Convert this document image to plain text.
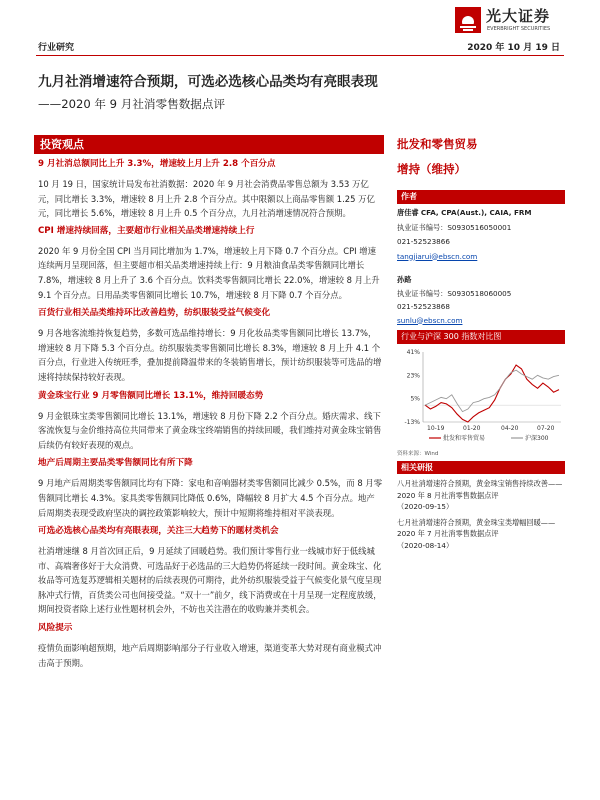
光大证券
EVERBRIGHT SECURITIES
行业研究	2020 年 10 月 19 日
九月社消增速符合预期，可选必选核心品类均有亮眼表现
——2020 年 9 月社消零售数据点评
投资观点

9 月社消总额同比上升 3.3%，增速较上月上升 2.8 个百分点

10 月 19 日，国家统计局发布社消数据：2020 年 9 月社会消费品零售总额为 3.53 万亿元，同比增长 3.3%，增速较 8 月上升 2.8 个百分点。其中限额以上商品零售额 1.25 万亿元，同比增长 5.6%，增速较 8 月上升 0.5 个百分点，九月社消增速情况符合预期。

CPI 增速持续回落，主要超市行业相关品类增速持续上行

2020 年 9 月份全国 CPI 当月同比增加为 1.7%，增速较上月下降 0.7 个百分点。CPI 增速连续两月呈现回落，但主要超市相关品类增速持续上行：9 月粮油食品类零售额同比增长 7.8%，增速较 8 月上升了 3.6 个百分点。饮料类零售额同比增长 22.0%，增速较 8 月上升 9.1 个百分点。日用品类零售额同比增长 10.7%，增速较 8 月下降 0.7 个百分点。

百货行业相关品类维持环比改善趋势，纺织服装受益气候变化

9 月各地客流维持恢复趋势，多数可选品维持增长：9 月化妆品类零售额同比增长 13.7%，增速较 8 月下降 5.3 个百分点。纺织服装类零售额同比增长 8.3%，增速较 8 月上升 4.1 个百分点，行业进入传统旺季，叠加提前降温带来的冬装销售增长，预计纺织服装等可选品的增速将持续保持较好表现。

黄金珠宝行业 9 月零售额同比增长 13.1%，维持回暖态势

9 月金银珠宝类零售额同比增长 13.1%，增速较 8 月份下降 2.2 个百分点。婚庆需求、线下客流恢复与金价维持高位共同带来了黄金珠宝终端销售的持续回暖，我们维持对黄金珠宝销售后续仍有较好表现的观点。

地产后周期主要品类零售额同比有所下降

9 月地产后周期类零售额同比均有下降：家电和音响器材类零售额同比减少 0.5%，而 8 月零售额同比增长 4.3%。家具类零售额同比降低 0.6%，降幅较 8 月扩大 4.5 个百分点。地产后周期类表现受政府坚决的调控政策影响较大，预计中短期将维持相对平淡表现。

可选必选核心品类均有亮眼表现，关注三大趋势下的题材类机会

社消增速继 8 月首次回正后，9 月延续了回暖趋势。我们预计零售行业一线城市好于低线城市、高端奢侈好于大众消费、可选品好于必选品的三大趋势仍将延续一段时间。黄金珠宝、化妆品等可选复苏逻辑相关题材的后续表现仍可期待，此外纺织服装受益于气候变化景气度呈现脉冲式行情，百货类公司也间接受益。“双十一”前夕，线下消费或在十月呈现一定程度放缓，期间投资者除上述行业性题材机会外，不妨也关注潜在的收购兼并类机会。

风险提示

疫情负面影响超预期，地产后周期影响部分子行业收入增速，渠道变革大势对现有商业模式冲击高于预期。

批发和零售贸易
增持（维持）
作者
唐佳睿 CFA, CPA(Aust.), CAIA, FRM
执业证书编号：S0930516050001
021-52523866
tangjiarui@ebscn.com
孙路
执业证书编号：S0930518060005
021-52523868
sunlu@ebscn.com
行业与沪深 300 指数对比图
41%
23%
5%
-13%
10-19	01-20	04-20	07-20
批发和零售贸易	沪深300
资料来源：Wind
相关研报
八月社消增速符合预期，黄金珠宝销售持续改善——2020 年 8 月社消零售数据点评
（2020-09-15）
七月社消增速符合预期，黄金珠宝类增幅回暖——2020 年 7 月社消零售数据点评
（2020-08-14）
